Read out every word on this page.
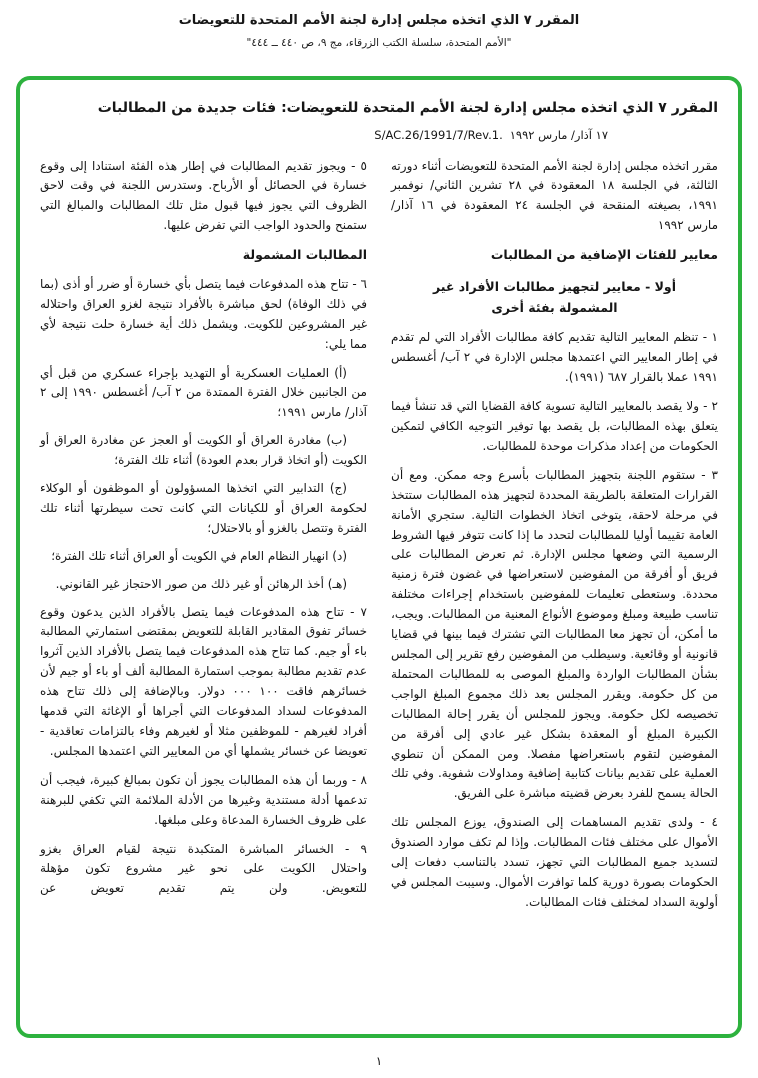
المقرر ٧ الذي اتخذه مجلس إدارة لجنة الأمم المتحدة للتعويضات
"الأمم المتحدة، سلسلة الكتب الزرقاء، مج ٩، ص ٤٤٠ ــ ٤٤٤"
المقرر ٧ الذي اتخذه مجلس إدارة لجنة الأمم المتحدة للتعويضات: فئات جديدة من المطالبات
S/AC.26/1991/7/Rev.1. ١٧ آذار/ مارس ١٩٩٢

مقرر اتخذه مجلس إدارة لجنة الأمم المتحدة للتعويضات أثناء دورته الثالثة، في الجلسة ١٨ المعقودة في ٢٨ تشرين الثاني/ نوفمبر ١٩٩١، بصيغته المنقحة في الجلسة ٢٤ المعقودة في ١٦ آذار/ مارس ١٩٩٢

معايير للفئات الإضافية من المطالبات
أولا - معايير لتجهيز مطالبات الأفراد غير المشمولة بفئة أخرى

١ - تنظم المعايير التالية تقديم كافة مطالبات الأفراد التي لم تقدم في إطار المعايير التي اعتمدها مجلس الإدارة في ٢ آب/ أغسطس ١٩٩١ عملا بالقرار ٦٨٧ (١٩٩١).

٢ - ولا يقصد بالمعايير التالية تسوية كافة القضايا التي قد تنشأ فيما يتعلق بهذه المطالبات، بل يقصد بها توفير التوجيه الكافي لتمكين الحكومات من إعداد مذكرات موحدة للمطالبات.

٣ - ستقوم اللجنة بتجهيز المطالبات بأسرع وجه ممكن. ومع أن القرارات المتعلقة بالطريقة المحددة لتجهيز هذه المطالبات ستتخذ في مرحلة لاحقة، يتوخى اتخاذ الخطوات التالية. ستجري الأمانة العامة تقييما أوليا للمطالبات لتحدد ما إذا كانت تتوفر فيها الشروط الرسمية التي وضعها مجلس الإدارة. ثم تعرض المطالبات على فريق أو أفرقة من المفوضين لاستعراضها في غضون فترة زمنية محددة. وستعطى تعليمات للمفوضين باستخدام إجراءات مختلفة تناسب طبيعة ومبلغ وموضوع الأنواع المعنية من المطالبات. ويجب، ما أمكن، أن تجهز معا المطالبات التي تشترك فيما بينها في قضايا قانونية أو وقائعية. وسيطلب من المفوضين رفع تقرير إلى المجلس بشأن المطالبات الواردة والمبلغ الموصى به للمطالبات المحتملة من كل حكومة. ويقرر المجلس بعد ذلك مجموع المبلغ الواجب تخصيصه لكل حكومة. ويجوز للمجلس أن يقرر إحالة المطالبات الكبيرة المبلغ أو المعقدة بشكل غير عادي إلى أفرقة من المفوضين لتقوم باستعراضها مفصلا. ومن الممكن أن تنطوي العملية على تقديم بيانات كتابية إضافية ومداولات شفوية. وفي تلك الحالة يسمح للفرد بعرض قضيته مباشرة على الفريق.

٤ - ولدى تقديم المساهمات إلى الصندوق، يوزع المجلس تلك الأموال على مختلف فئات المطالبات. وإذا لم تكف موارد الصندوق لتسديد جميع المطالبات التي تجهز، تسدد بالتناسب دفعات إلى الحكومات بصورة دورية كلما توافرت الأموال. وسيبت المجلس في أولوية السداد لمختلف فئات المطالبات.

٥ - ويجوز تقديم المطالبات في إطار هذه الفئة استنادا إلى وقوع خسارة في الحصائل أو الأرباح. وستدرس اللجنة في وقت لاحق الظروف التي يجوز فيها قبول مثل تلك المطالبات والمبالغ التي ستمنح والحدود الواجب التي تفرض عليها.

المطالبات المشمولة

٦ - تتاح هذه المدفوعات فيما يتصل بأي خسارة أو ضرر أو أذى (بما في ذلك الوفاة) لحق مباشرة بالأفراد نتيجة لغزو العراق واحتلاله غير المشروعين للكويت. ويشمل ذلك أية خسارة حلت نتيجة لأي مما يلي:

(أ) العمليات العسكرية أو التهديد بإجراء عسكري من قبل أي من الجانبين خلال الفترة الممتدة من ٢ آب/ أغسطس ١٩٩٠ إلى ٢ آذار/ مارس ١٩٩١؛

(ب) مغادرة العراق أو الكويت أو العجز عن مغادرة العراق أو الكويت (أو اتخاذ قرار بعدم العودة) أثناء تلك الفترة؛

(ج) التدابير التي اتخذها المسؤولون أو الموظفون أو الوكلاء لحكومة العراق أو للكيانات التي كانت تحت سيطرتها أثناء تلك الفترة وتتصل بالغزو أو بالاحتلال؛

(د) انهيار النظام العام في الكويت أو العراق أثناء تلك الفترة؛

(هـ) أخذ الرهائن أو غير ذلك من صور الاحتجاز غير القانوني.

٧ - تتاح هذه المدفوعات فيما يتصل بالأفراد الذين يدعون وقوع خسائر تفوق المقادير القابلة للتعويض بمقتضى استمارتي المطالبة باء أو جيم. كما تتاح هذه المدفوعات فيما يتصل بالأفراد الذين آثروا عدم تقديم مطالبة بموجب استمارة المطالبة ألف أو باء أو جيم لأن خسائرهم فاقت ١٠٠ ٠٠٠ دولار. وبالإضافة إلى ذلك تتاح هذه المدفوعات لسداد المدفوعات التي أجراها أو الإغاثة التي قدمها أفراد لغيرهم - للموظفين مثلا أو لغيرهم وفاء بالتزامات تعاقدية - تعويضا عن خسائر يشملها أي من المعايير التي اعتمدها المجلس.

٨ - وربما أن هذه المطالبات يجوز أن تكون بمبالغ كبيرة، فيجب أن تدعمها أدلة مستندية وغيرها من الأدلة الملائمة التي تكفي للبرهنة على ظروف الخسارة المدعاة وعلى مبلغها.

٩ - الخسائر المباشرة المتكبدة نتيجة لقيام العراق بغزو واحتلال الكويت على نحو غير مشروع تكون مؤهلة للتعويض. ولن يتم تقديم تعويض عن

١
